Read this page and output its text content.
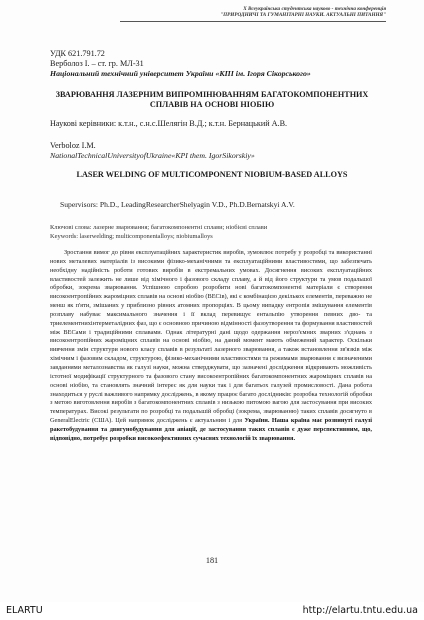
X Всеукраїнська студентська науково - технічна конференція
"ПРИРОДНИЧІ ТА ГУМАНІТАРНІ НАУКИ. АКТУАЛЬНІ ПИТАННЯ"
УДК 621.791.72
Верболоз І. – ст. гр. МЛ-31
Національний технічний університет України «КПІ ім. Ігоря Сікорського»
ЗВАРЮВАННЯ ЛАЗЕРНИМ ВИПРОМІНЮВАННЯМ БАГАТОКОМПОНЕНТНИХ СПЛАВІВ НА ОСНОВІ НІОБІЮ
Наукові керівники: к.т.н., с.н.с.Шелягін В.Д.; к.т.н. Бернацький А.В.
Verboloz I.M.
NationalTechnicalUniversityofUkraine«KPI them. IgorSikorskiy»
LASER WELDING OF MULTICOMPONENT NIOBIUM-BASED ALLOYS
Supervisors: Ph.D., LeadingResearcherShelyagin V.D., Ph.D.Bernatskyi A.V.
Ключові слова: лазерне зварювання; багатокомпонентні сплави; ніобієві сплави
Keywords: laserwelding; multicomponentalloys; niobiumalloys
Зростання вимог до рівня експлуатаційних характеристик виробів, зумовлює потребу у розробці та використанні нових металевих матеріалів із високими фізико-механічними та експлуатаційними властивостями, що забезпечать необхідну надійність роботи готових виробів в екстремальних умовах. Досягнення високих експлуатаційних властивостей залежить не лише від хімічного і фазового складу сплаву, а й від його структури та умов подальшої обробки, зокрема зварювання. Успішною спробою розробити нові багатокомпонентні матеріали є створення високоентропійних жароміцних сплавів на основі ніобію (ВЕСів), які є комбінацією декількох елементів, переважно не менш як п'яти, змішаних у приблизно рівних атомних пропорціях. В цьому випадку ентропія змішування елементів розплаву набуває максимального значення і її вклад перевищує ентальпію утворення певних дво- та триелементнихінтерметалідних фаз, що є основною причиною відмінності фазоутворення та формування властивостей між ВЕСами і традиційними сплавами. Однак літературні дані щодо одержання нероз'ємних зварних з'єднань з високоентропійних жароміцних сплавів на основі ніобію, на даний момент мають обмежений характер. Оскільки вивчення змін структури нового класу сплавів в результаті лазерного зварювання, а також встановлення зв'язків між хімічним і фазовим складом, структурою, фізико-механічними властивостями та режимами зварювання є визначеними завданнями металознавства як галузі науки, можна стверджувати, що зазначені дослідження відкривають можливість істотної модифікації структурного та фазового стану високоентропійних багатокомпонентних жароміцних сплавів на основі ніобію, та становлять значний інтерес як для науки так і для багатьох галузей промисловості. Дана робота знаходиться у руслі важливого напрямку досліджень, в якому працює багато дослідників: розробка технологій обробки з метою виготовлення виробів з багатокомпонентних сплавів з низькою питомою вагою для застосування при високих температурах. Високі результати по розробці та подальшій обробці (зокрема, зварюванню) таких сплавів досягнуто в GeneralElectric (США). Цей напрямок досліджень є актуальним і для України. Наша країна має розвинуті галузі ракетобудування та двигунобудування для авіації, де застосування таких сплавів є дуже перспективним, що, відповідно, потребує розробки високоефективних сучасних технологій їх зварювання.
181
ELARTU	http://elartu.tntu.edu.ua
